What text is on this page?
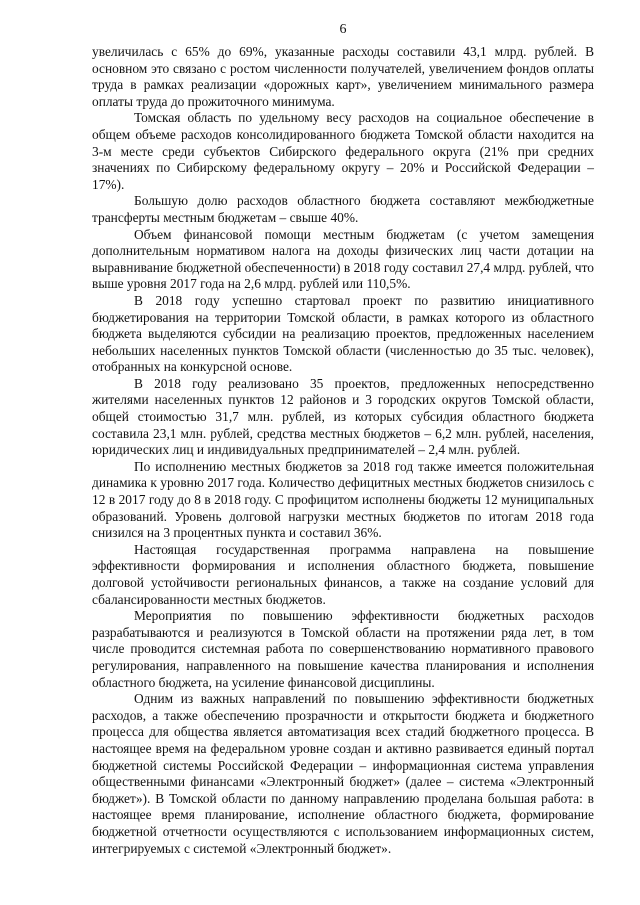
6

увеличилась с 65% до 69%, указанные расходы составили 43,1 млрд. рублей. В основном это связано с ростом численности получателей, увеличением фондов оплаты труда в рамках реализации «дорожных карт», увеличением минимального размера оплаты труда до прожиточного минимума.

Томская область по удельному весу расходов на социальное обеспечение в общем объеме расходов консолидированного бюджета Томской области находится на 3-м месте среди субъектов Сибирского федерального округа (21% при средних значениях по Сибирскому федеральному округу – 20% и Российской Федерации – 17%).

Большую долю расходов областного бюджета составляют межбюджетные трансферты местным бюджетам – свыше 40%.

Объем финансовой помощи местным бюджетам (с учетом замещения дополнительным нормативом налога на доходы физических лиц части дотации на выравнивание бюджетной обеспеченности) в 2018 году составил 27,4 млрд. рублей, что выше уровня 2017 года на 2,6 млрд. рублей или 110,5%.

В 2018 году успешно стартовал проект по развитию инициативного бюджетирования на территории Томской области, в рамках которого из областного бюджета выделяются субсидии на реализацию проектов, предложенных населением небольших населенных пунктов Томской области (численностью до 35 тыс. человек), отобранных на конкурсной основе.

В 2018 году реализовано 35 проектов, предложенных непосредственно жителями населенных пунктов 12 районов и 3 городских округов Томской области, общей стоимостью 31,7 млн. рублей, из которых субсидия областного бюджета составила 23,1 млн. рублей, средства местных бюджетов – 6,2 млн. рублей, населения, юридических лиц и индивидуальных предпринимателей – 2,4 млн. рублей.

По исполнению местных бюджетов за 2018 год также имеется положительная динамика к уровню 2017 года. Количество дефицитных местных бюджетов снизилось с 12 в 2017 году до 8 в 2018 году. С профицитом исполнены бюджеты 12 муниципальных образований. Уровень долговой нагрузки местных бюджетов по итогам 2018 года снизился на 3 процентных пункта и составил 36%.

Настоящая государственная программа направлена на повышение эффективности формирования и исполнения областного бюджета, повышение долговой устойчивости региональных финансов, а также на создание условий для сбалансированности местных бюджетов.

Мероприятия по повышению эффективности бюджетных расходов разрабатываются и реализуются в Томской области на протяжении ряда лет, в том числе проводится системная работа по совершенствованию нормативного правового регулирования, направленного на повышение качества планирования и исполнения областного бюджета, на усиление финансовой дисциплины.

Одним из важных направлений по повышению эффективности бюджетных расходов, а также обеспечению прозрачности и открытости бюджета и бюджетного процесса для общества является автоматизация всех стадий бюджетного процесса. В настоящее время на федеральном уровне создан и активно развивается единый портал бюджетной системы Российской Федерации – информационная система управления общественными финансами «Электронный бюджет» (далее – система «Электронный бюджет»). В Томской области по данному направлению проделана большая работа: в настоящее время планирование, исполнение областного бюджета, формирование бюджетной отчетности осуществляются с использованием информационных систем, интегрируемых с системой «Электронный бюджет».
